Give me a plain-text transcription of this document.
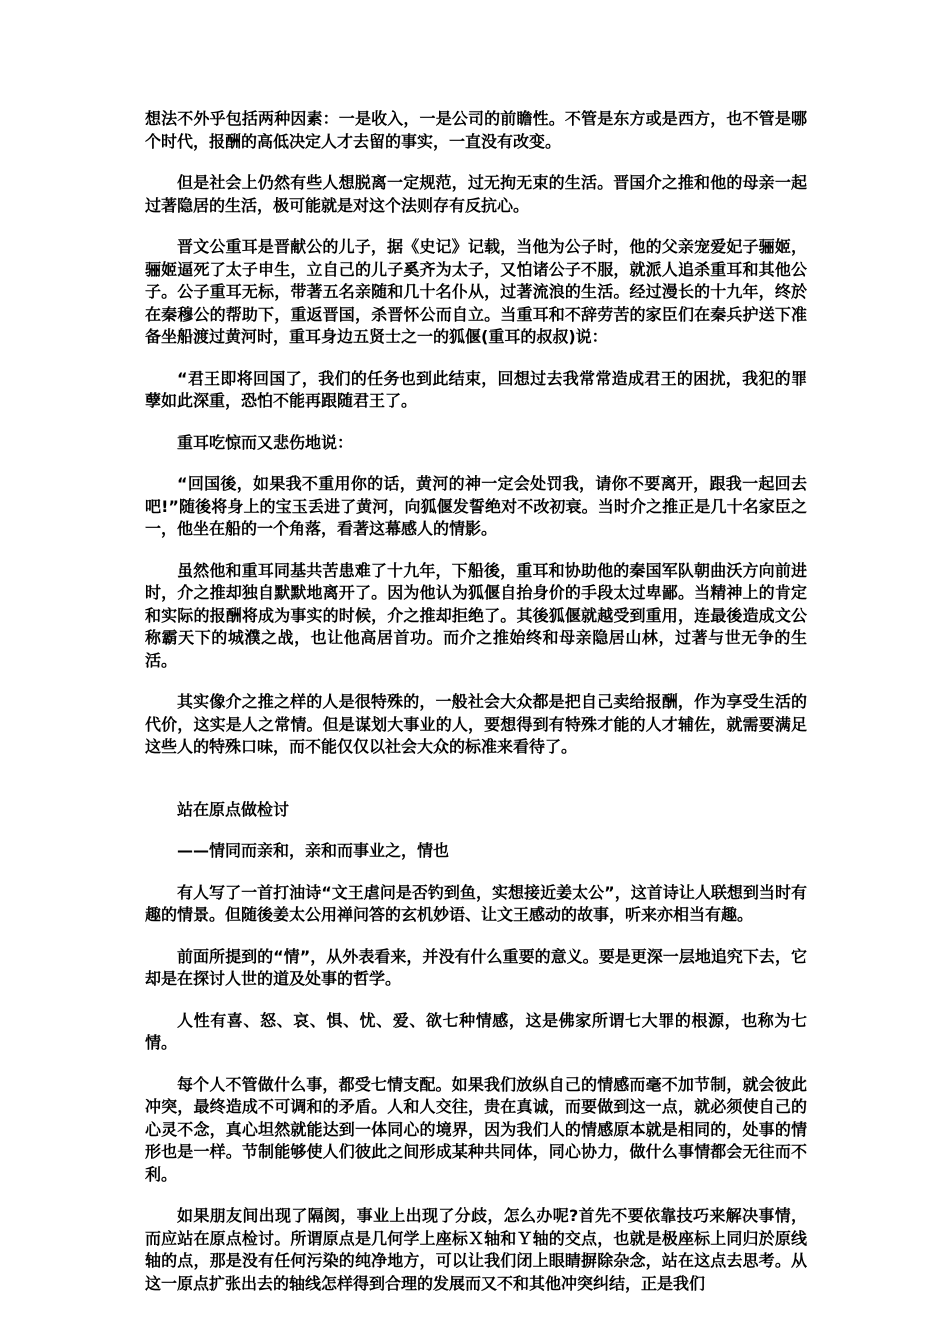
想法不外乎包括两种因素：一是收入，一是公司的前瞻性。不管是东方或是西方，也不管是哪个时代，报酬的高低决定人才去留的事实，一直没有改变。

但是社会上仍然有些人想脱离一定规范，过无拘无束的生活。晋国介之推和他的母亲一起过著隐居的生活，极可能就是对这个法则存有反抗心。

晋文公重耳是晋献公的儿子，据《史记》记载，当他为公子时，他的父亲宠爱妃子骊姬，骊姬逼死了太子申生，立自己的儿子奚齐为太子，又怕诸公子不服，就派人追杀重耳和其他公子。公子重耳无标，带著五名亲随和几十名仆从，过著流浪的生活。经过漫长的十九年，终於在秦穆公的帮助下，重返晋国，杀晋怀公而自立。当重耳和不辞劳苦的家臣们在秦兵护送下准备坐船渡过黄河时，重耳身边五贤士之一的狐偃(重耳的叔叔)说：

“君王即将回国了，我们的任务也到此结束，回想过去我常常造成君王的困扰，我犯的罪孽如此深重，恐怕不能再跟随君王了。

重耳吃惊而又悲伤地说：

“回国後，如果我不重用你的话，黄河的神一定会处罚我，请你不要离开，跟我一起回去吧!”随後将身上的宝玉丢进了黄河，向狐偃发誓绝对不改初衰。当时介之推正是几十名家臣之一，他坐在船的一个角落，看著这幕感人的情影。

虽然他和重耳同基共苦患难了十九年，下船後，重耳和协助他的秦国军队朝曲沃方向前进时，介之推却独自默默地离开了。因为他认为狐偃自抬身价的手段太过卑鄙。当精神上的肯定和实际的报酬将成为事实的时候，介之推却拒绝了。其後狐偃就越受到重用，连最後造成文公称霸天下的城濮之战，也让他高居首功。而介之推始终和母亲隐居山林，过著与世无争的生活。

其实像介之推之样的人是很特殊的，一般社会大众都是把自己卖给报酬，作为享受生活的代价，这实是人之常情。但是谋划大事业的人，要想得到有特殊才能的人才辅佐，就需要满足这些人的特殊口味，而不能仅仅以社会大众的标准来看待了。

站在原点做检讨

——情同而亲和，亲和而事业之，情也

有人写了一首打油诗“文王虐问是否钓到鱼，实想接近姜太公”，这首诗让人联想到当时有趣的情景。但随後姜太公用禅问答的玄机妙语、让文王感动的故事，听来亦相当有趣。

前面所提到的“情”，从外表看来，并没有什么重要的意义。要是更深一层地追究下去，它却是在探讨人世的道及处事的哲学。

人性有喜、怒、哀、惧、忧、爱、欲七种情感，这是佛家所谓七大罪的根源，也称为七情。

每个人不管做什么事，都受七情支配。如果我们放纵自己的情感而毫不加节制，就会彼此冲突，最终造成不可调和的矛盾。人和人交往，贵在真诚，而要做到这一点，就必须使自己的心灵不念，真心坦然就能达到一体同心的境界，因为我们人的情感原本就是相同的，处事的情形也是一样。节制能够使人们彼此之间形成某种共同体，同心协力，做什么事情都会无往而不利。

如果朋友间出现了隔阂，事业上出现了分歧，怎么办呢?首先不要依靠技巧来解决事情，而应站在原点检讨。所谓原点是几何学上座标Ｘ轴和Ｙ轴的交点，也就是极座标上同归於原线轴的点，那是没有任何污染的纯净地方，可以让我们闭上眼睛摒除杂念，站在这点去思考。从这一原点扩张出去的轴线怎样得到合理的发展而又不和其他冲突纠结，正是我们
